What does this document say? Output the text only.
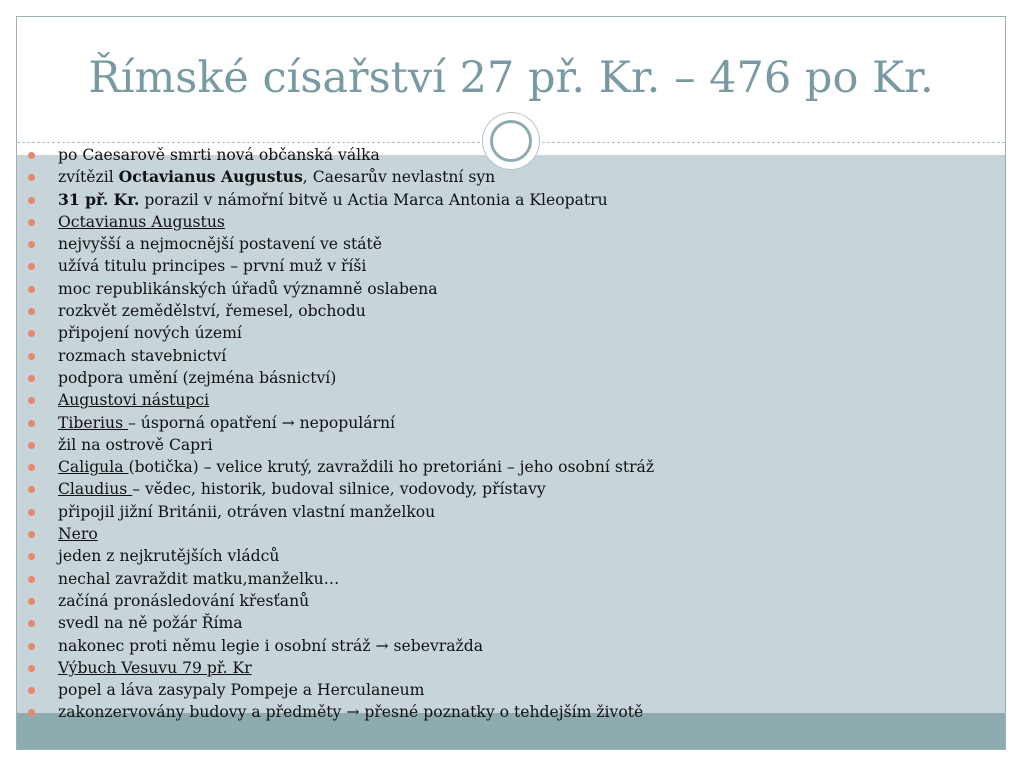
Římské císařství 27 př. Kr. – 476 po Kr.
po Caesarově smrti nová občanská válka
zvítězil Octavianus Augustus, Caesarův nevlastní syn
31 př. Kr. porazil v námořní bitvě u Actia Marca Antonia a Kleopatru
Octavianus Augustus
nejvyšší a nejmocnější postavení ve státě
užívá titulu principes – první muž v říši
moc republikánských úřadů významně oslabena
rozkvět zemědělství, řemesel, obchodu
připojení nových území
rozmach stavebnictví
podpora umění (zejména básnictví)
Augustovi nástupci
Tiberius – úsporná opatření → nepopulární
žil na ostrově Capri
Caligula (botička) – velice krutý, zavraždili ho pretoriáni – jeho osobní stráž
Claudius – vědec, historik, budoval silnice, vodovody, přístavy
připojil jižní Británii, otráven vlastní manželkou
Nero
jeden z nejkrutějších vládců
nechal zavraždit matku,manželku…
začíná pronásledování křesťanů
svedl na ně požár Říma
nakonec proti němu legie i osobní stráž → sebevražda
Výbuch Vesuvu 79 př. Kr
popel a láva zasypaly Pompeje a Herculaneum
zakonzervovány budovy a předměty → přesné poznatky o tehdejším životě
